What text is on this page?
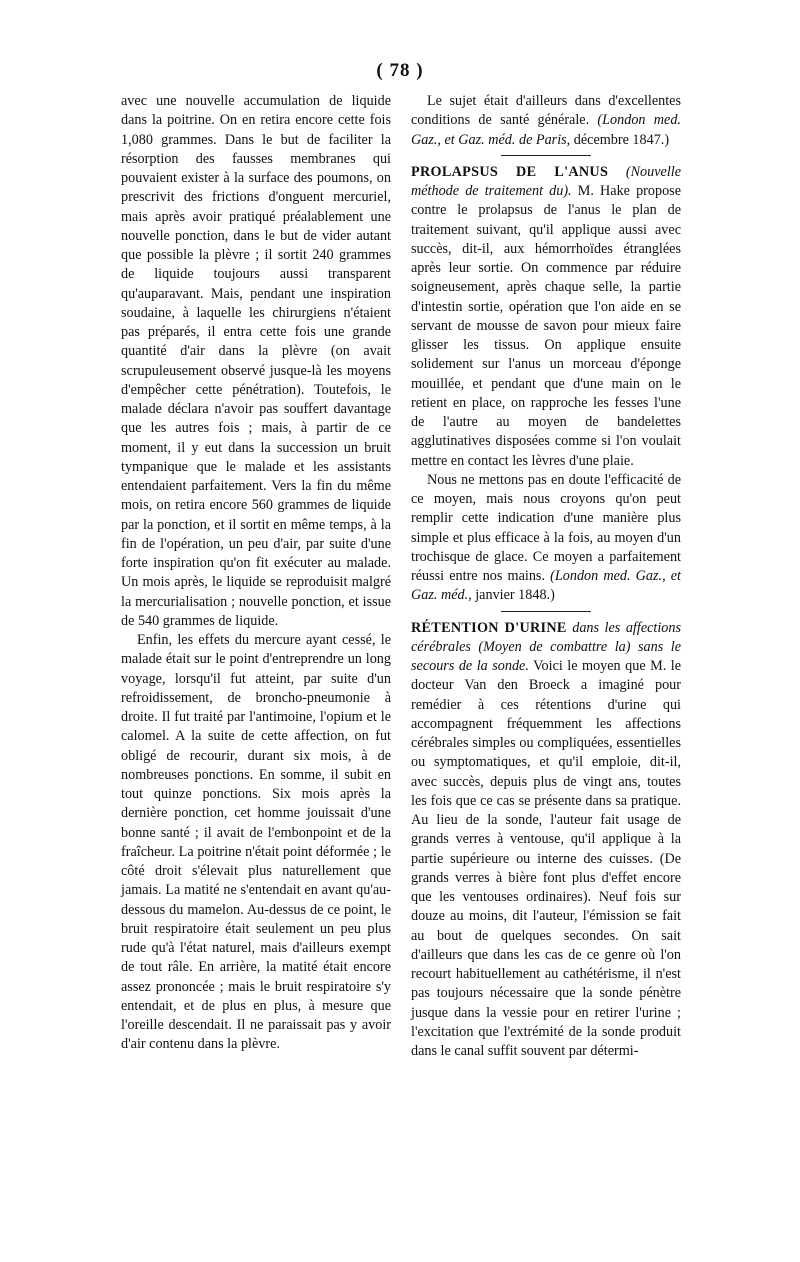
( 78 )

avec une nouvelle accumulation de liquide dans la poitrine. On en retira encore cette fois 1,080 grammes. Dans le but de faciliter la résorption des fausses membranes qui pouvaient exister à la surface des poumons, on prescrivit des frictions d'onguent mercuriel, mais après avoir pratiqué préalablement une nouvelle ponction, dans le but de vider autant que possible la plèvre ; il sortit 240 grammes de liquide toujours aussi transparent qu'auparavant. Mais, pendant une inspiration soudaine, à laquelle les chirurgiens n'étaient pas préparés, il entra cette fois une grande quantité d'air dans la plèvre (on avait scrupuleusement observé jusque-là les moyens d'empêcher cette pénétration). Toutefois, le malade déclara n'avoir pas souffert davantage que les autres fois ; mais, à partir de ce moment, il y eut dans la succession un bruit tympanique que le malade et les assistants entendaient parfaitement. Vers la fin du même mois, on retira encore 560 grammes de liquide par la ponction, et il sortit en même temps, à la fin de l'opération, un peu d'air, par suite d'une forte inspiration qu'on fit exécuter au malade. Un mois après, le liquide se reproduisit malgré la mercurialisation ; nouvelle ponction, et issue de 540 grammes de liquide.

Enfin, les effets du mercure ayant cessé, le malade était sur le point d'entreprendre un long voyage, lorsqu'il fut atteint, par suite d'un refroidissement, de broncho-pneumonie à droite. Il fut traité par l'antimoine, l'opium et le calomel. A la suite de cette affection, on fut obligé de recourir, durant six mois, à de nombreuses ponctions. En somme, il subit en tout quinze ponctions. Six mois après la dernière ponction, cet homme jouissait d'une bonne santé ; il avait de l'embonpoint et de la fraîcheur. La poitrine n'était point déformée ; le côté droit s'élevait plus naturellement que jamais. La matité ne s'entendait en avant qu'au-dessous du mamelon. Au-dessus de ce point, le bruit respiratoire était seulement un peu plus rude qu'à l'état naturel, mais d'ailleurs exempt de tout râle. En arrière, la matité était encore assez prononcée ; mais le bruit respiratoire s'y entendait, et de plus en plus, à mesure que l'oreille descendait. Il ne paraissait pas y avoir d'air contenu dans la plèvre.

Le sujet était d'ailleurs dans d'excellentes conditions de santé générale. (London med. Gaz., et Gaz. méd. de Paris, décembre 1847.)

PROLAPSUS DE L'ANUS (Nouvelle méthode de traitement du). M. Hake propose contre le prolapsus de l'anus le plan de traitement suivant, qu'il applique aussi avec succès, dit-il, aux hémorrhoïdes étranglées après leur sortie. On commence par réduire soigneusement, après chaque selle, la partie d'intestin sortie, opération que l'on aide en se servant de mousse de savon pour mieux faire glisser les tissus. On applique ensuite solidement sur l'anus un morceau d'éponge mouillée, et pendant que d'une main on le retient en place, on rapproche les fesses l'une de l'autre au moyen de bandelettes agglutinatives disposées comme si l'on voulait mettre en contact les lèvres d'une plaie.

Nous ne mettons pas en doute l'efficacité de ce moyen, mais nous croyons qu'on peut remplir cette indication d'une manière plus simple et plus efficace à la fois, au moyen d'un trochisque de glace. Ce moyen a parfaitement réussi entre nos mains. (London med. Gaz., et Gaz. méd., janvier 1848.)

RÉTENTION D'URINE dans les affections cérébrales (Moyen de combattre la) sans le secours de la sonde. Voici le moyen que M. le docteur Van den Broeck a imaginé pour remédier à ces rétentions d'urine qui accompagnent fréquemment les affections cérébrales simples ou compliquées, essentielles ou symptomatiques, et qu'il emploie, dit-il, avec succès, depuis plus de vingt ans, toutes les fois que ce cas se présente dans sa pratique. Au lieu de la sonde, l'auteur fait usage de grands verres à ventouse, qu'il applique à la partie supérieure ou interne des cuisses. (De grands verres à bière font plus d'effet encore que les ventouses ordinaires). Neuf fois sur douze au moins, dit l'auteur, l'émission se fait au bout de quelques secondes. On sait d'ailleurs que dans les cas de ce genre où l'on recourt habituellement au cathétérisme, il n'est pas toujours nécessaire que la sonde pénètre jusque dans la vessie pour en retirer l'urine ; l'excitation que l'extrémité de la sonde produit dans le canal suffit souvent par détermi-
